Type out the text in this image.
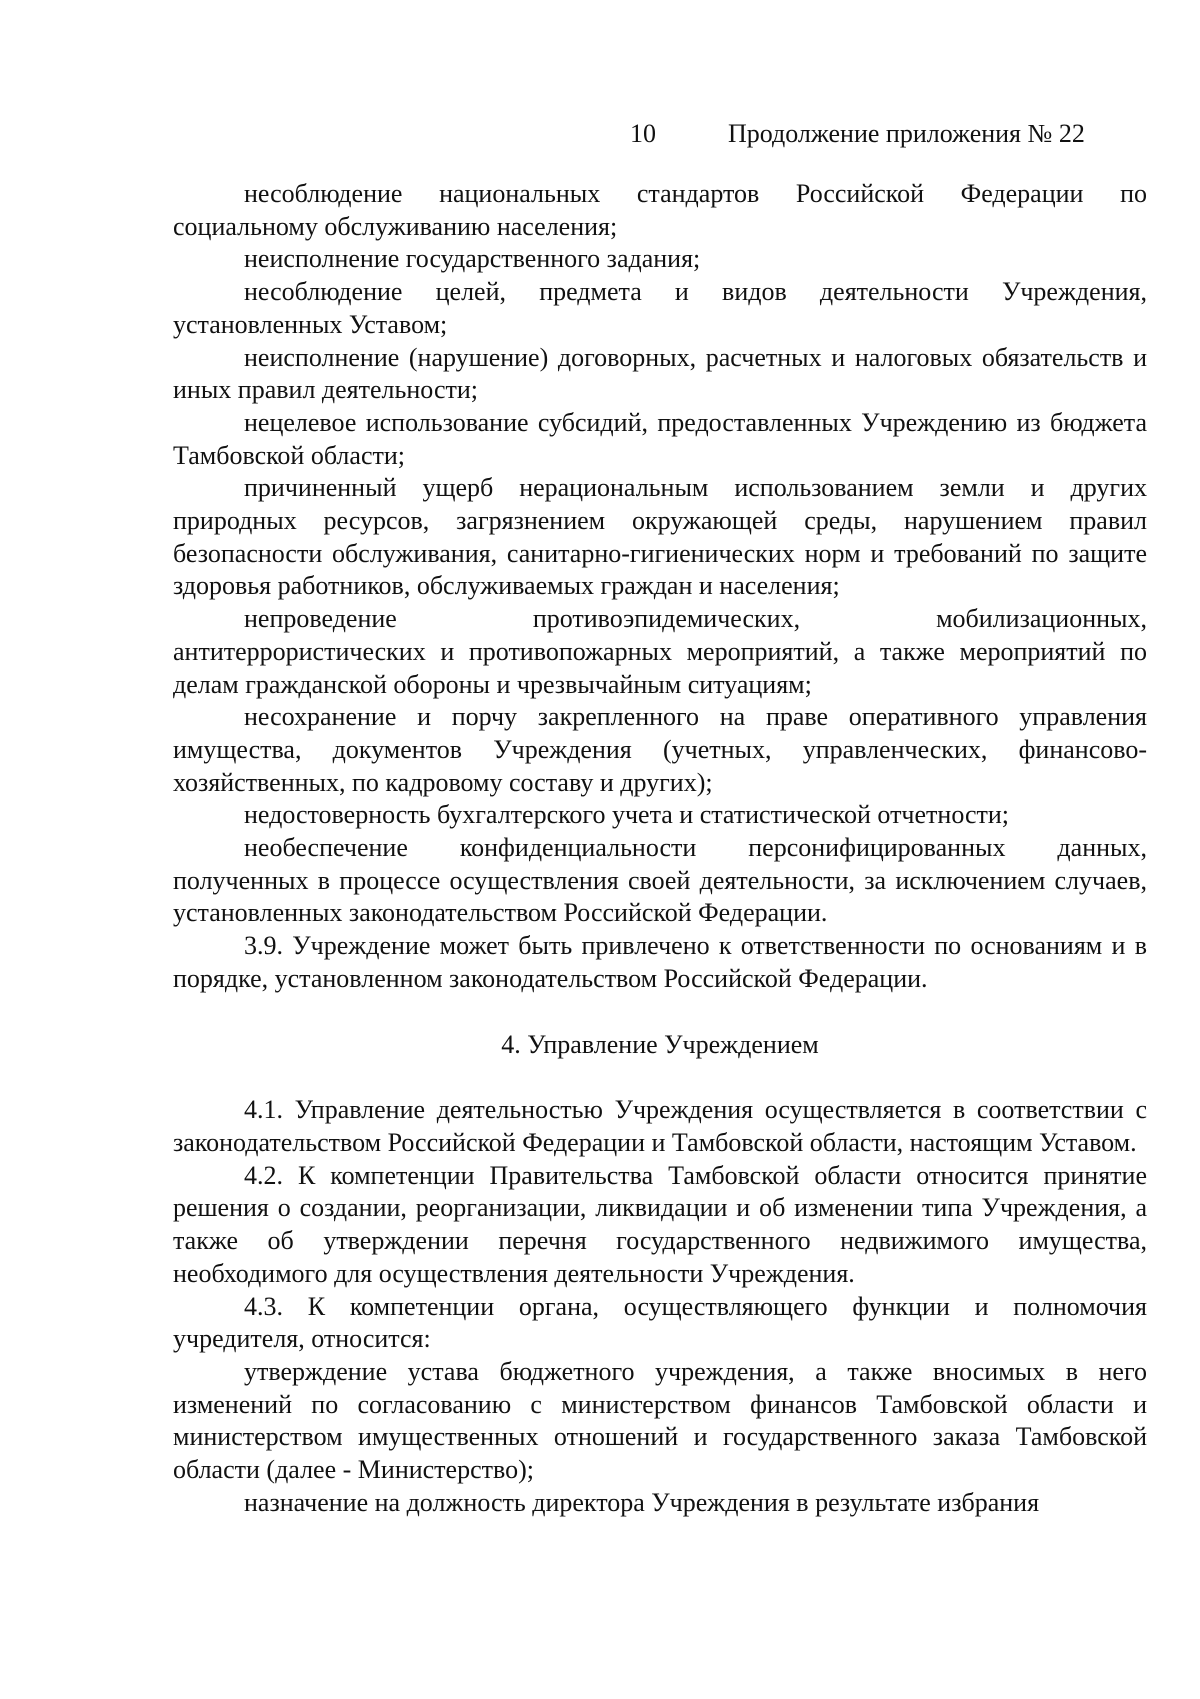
10	Продолжение приложения № 22

несоблюдение национальных стандартов Российской Федерации по социальному обслуживанию населения;

неисполнение государственного задания;

несоблюдение целей, предмета и видов деятельности Учреждения, установленных Уставом;

неисполнение (нарушение) договорных, расчетных и налоговых обязательств и иных правил деятельности;

нецелевое использование субсидий, предоставленных Учреждению из бюджета Тамбовской области;

причиненный ущерб нерациональным использованием земли и других природных ресурсов, загрязнением окружающей среды, нарушением правил безопасности обслуживания, санитарно-гигиенических норм и требований по защите здоровья работников, обслуживаемых граждан и населения;

непроведение противоэпидемических, мобилизационных, антитеррористических и противопожарных мероприятий, а также мероприятий по делам гражданской обороны и чрезвычайным ситуациям;

несохранение и порчу закрепленного на праве оперативного управления имущества, документов Учреждения (учетных, управленческих, финансово-хозяйственных, по кадровому составу и других);

недостоверность бухгалтерского учета и статистической отчетности;

необеспечение конфиденциальности персонифицированных данных, полученных в процессе осуществления своей деятельности, за исключением случаев, установленных законодательством Российской Федерации.

3.9. Учреждение может быть привлечено к ответственности по основаниям и в порядке, установленном законодательством Российской Федерации.

4. Управление Учреждением

4.1. Управление деятельностью Учреждения осуществляется в соответствии с законодательством Российской Федерации и Тамбовской области, настоящим Уставом.

4.2. К компетенции Правительства Тамбовской области относится принятие решения о создании, реорганизации, ликвидации и об изменении типа Учреждения, а также об утверждении перечня государственного недвижимого имущества, необходимого для осуществления деятельности Учреждения.

4.3. К компетенции органа, осуществляющего функции и полномочия учредителя, относится:

утверждение устава бюджетного учреждения, а также вносимых в него изменений по согласованию с министерством финансов Тамбовской области и министерством имущественных отношений и государственного заказа Тамбовской области (далее - Министерство);

назначение на должность директора Учреждения в результате избрания
